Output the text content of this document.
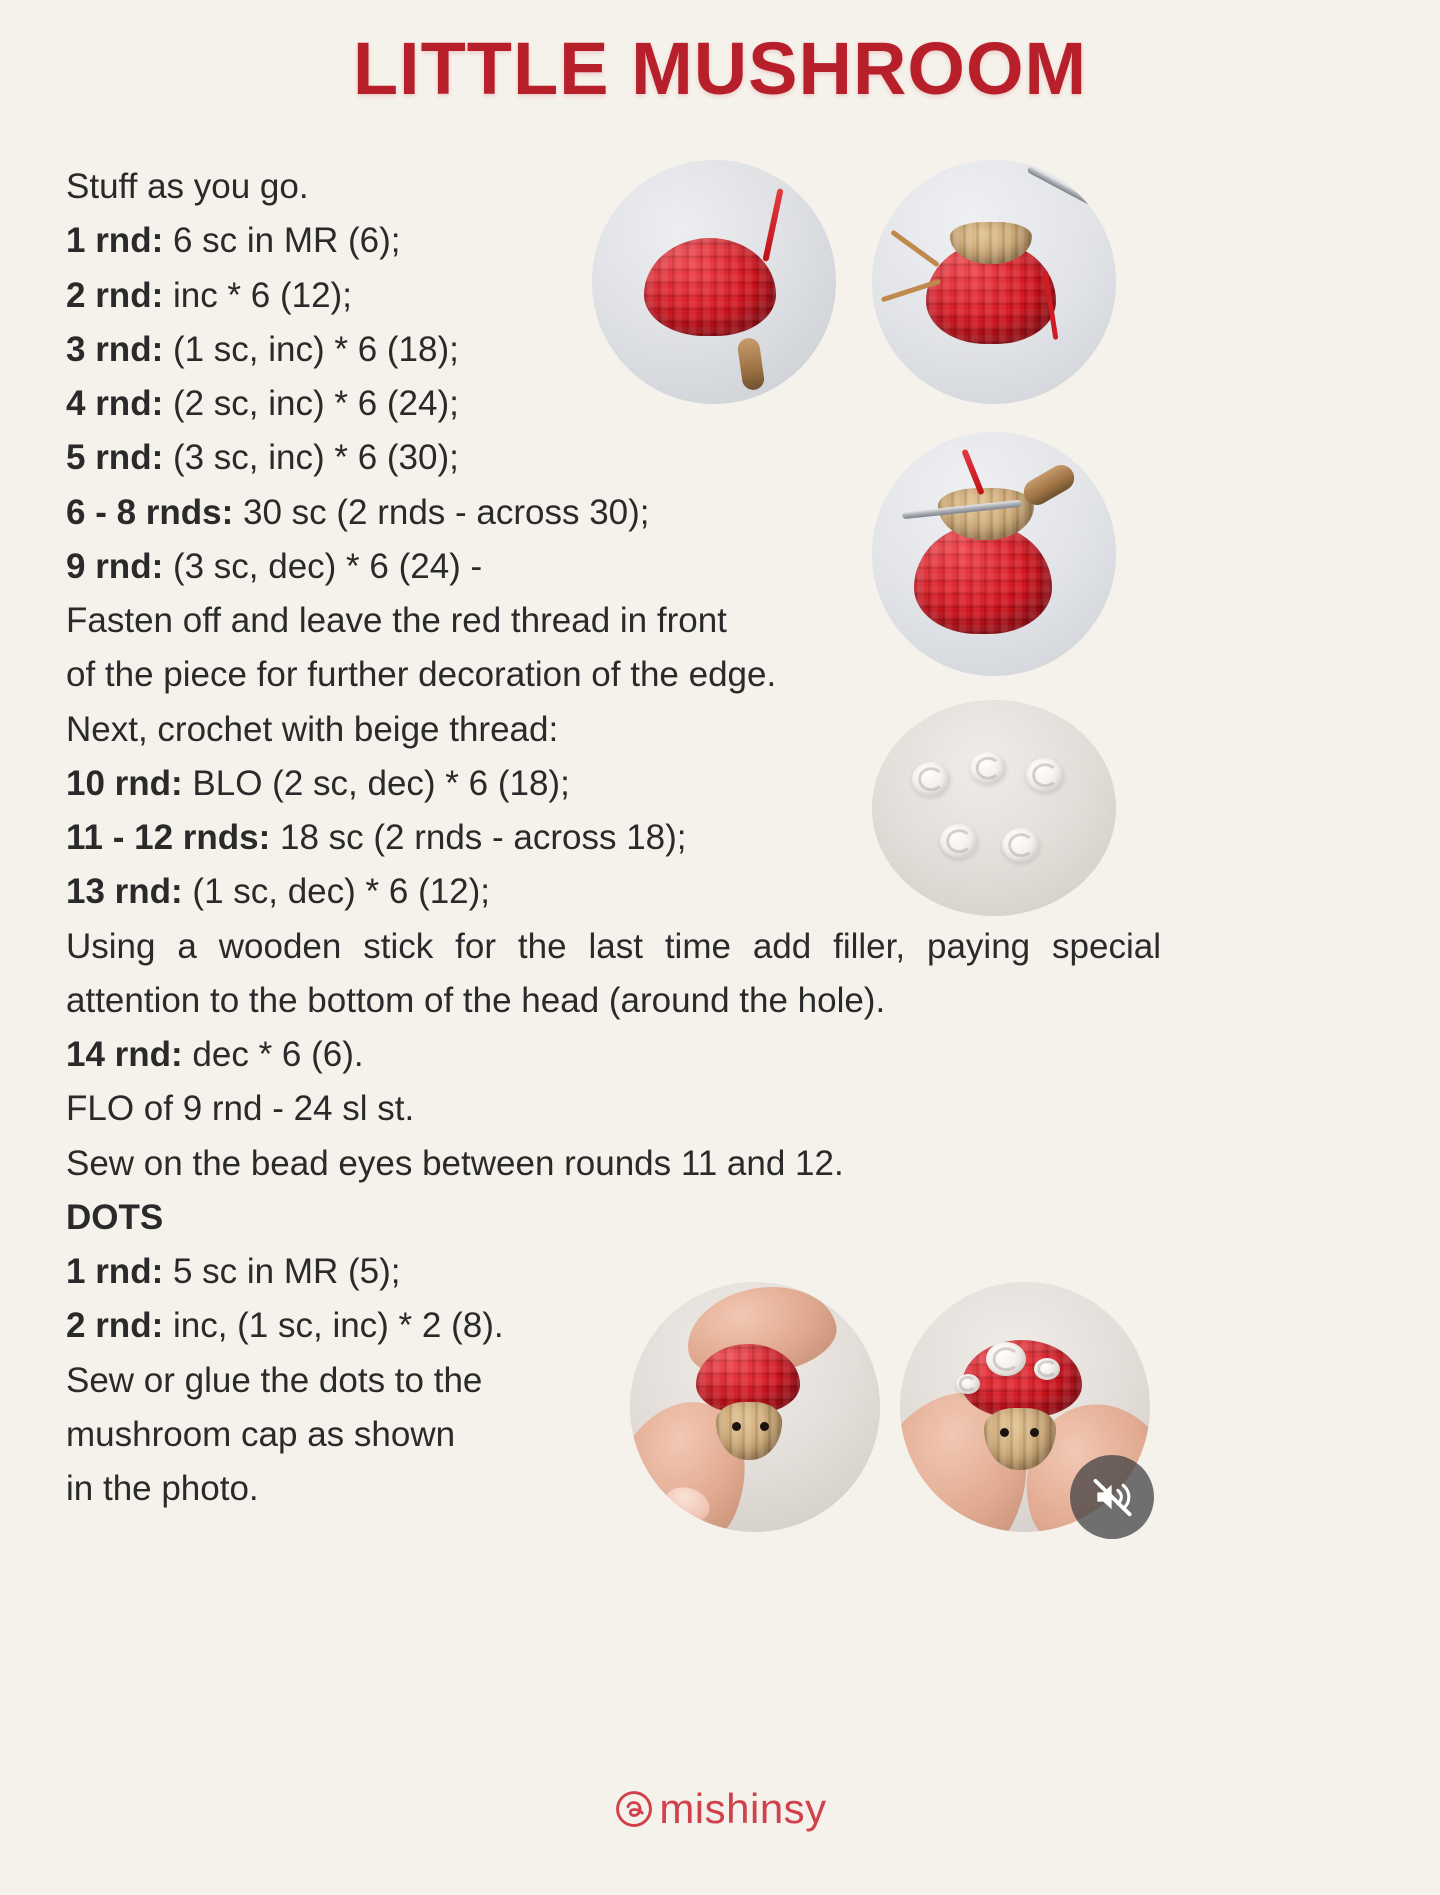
LITTLE MUSHROOM
Stuff as you go.
1 rnd: 6 sc in MR (6);
2 rnd: inc * 6 (12);
3 rnd: (1 sc, inc) * 6 (18);
4 rnd: (2 sc, inc) * 6 (24);
5 rnd: (3 sc, inc) * 6 (30);
6 - 8 rnds: 30 sc (2 rnds - across 30);
9 rnd: (3 sc, dec) * 6 (24) -
Fasten off and leave the red thread in front
of the piece for further decoration of the edge.
Next, crochet with beige thread:
10 rnd: BLO (2 sc, dec) * 6 (18);
11 - 12 rnds: 18 sc (2 rnds - across 18);
13 rnd: (1 sc, dec) * 6 (12);
Using a wooden stick for the last time add filler, paying special attention to the bottom of the head (around the hole).
14 rnd: dec * 6 (6).
FLO of 9 rnd - 24 sl st.
Sew on the bead eyes between rounds 11 and 12.
DOTS
1 rnd: 5 sc in MR (5);
2 rnd: inc, (1 sc, inc) * 2 (8).
Sew or glue the dots to the
mushroom cap as shown
in the photo.
mishinsy
